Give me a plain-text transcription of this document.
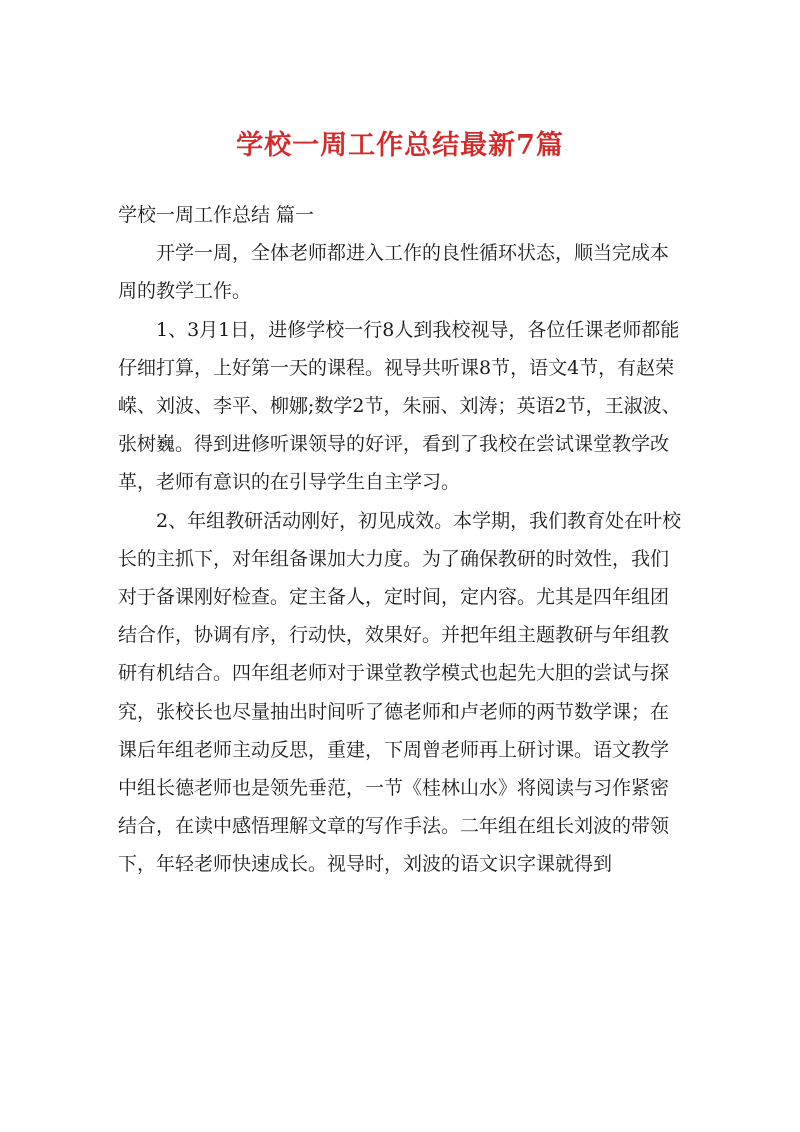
学校一周工作总结最新7篇

学校一周工作总结 篇一

开学一周，全体老师都进入工作的良性循环状态，顺当完成本周的教学工作。

1、3月1日，进修学校一行8人到我校视导，各位任课老师都能仔细打算，上好第一天的课程。视导共听课8节，语文4节，有赵荣嵘、刘波、李平、柳娜;数学2节，朱丽、刘涛；英语2节，王淑波、张树巍。得到进修听课领导的好评，看到了我校在尝试课堂教学改革，老师有意识的在引导学生自主学习。

2、年组教研活动刚好，初见成效。本学期，我们教育处在叶校长的主抓下，对年组备课加大力度。为了确保教研的时效性，我们对于备课刚好检查。定主备人，定时间，定内容。尤其是四年组团结合作，协调有序，行动快，效果好。并把年组主题教研与年组教研有机结合。四年组老师对于课堂教学模式也起先大胆的尝试与探究，张校长也尽量抽出时间听了德老师和卢老师的两节数学课；在课后年组老师主动反思，重建，下周曾老师再上研讨课。语文教学中组长德老师也是领先垂范，一节《桂林山水》将阅读与习作紧密结合，在读中感悟理解文章的写作手法。二年组在组长刘波的带领下，年轻老师快速成长。视导时，刘波的语文识字课就得到
